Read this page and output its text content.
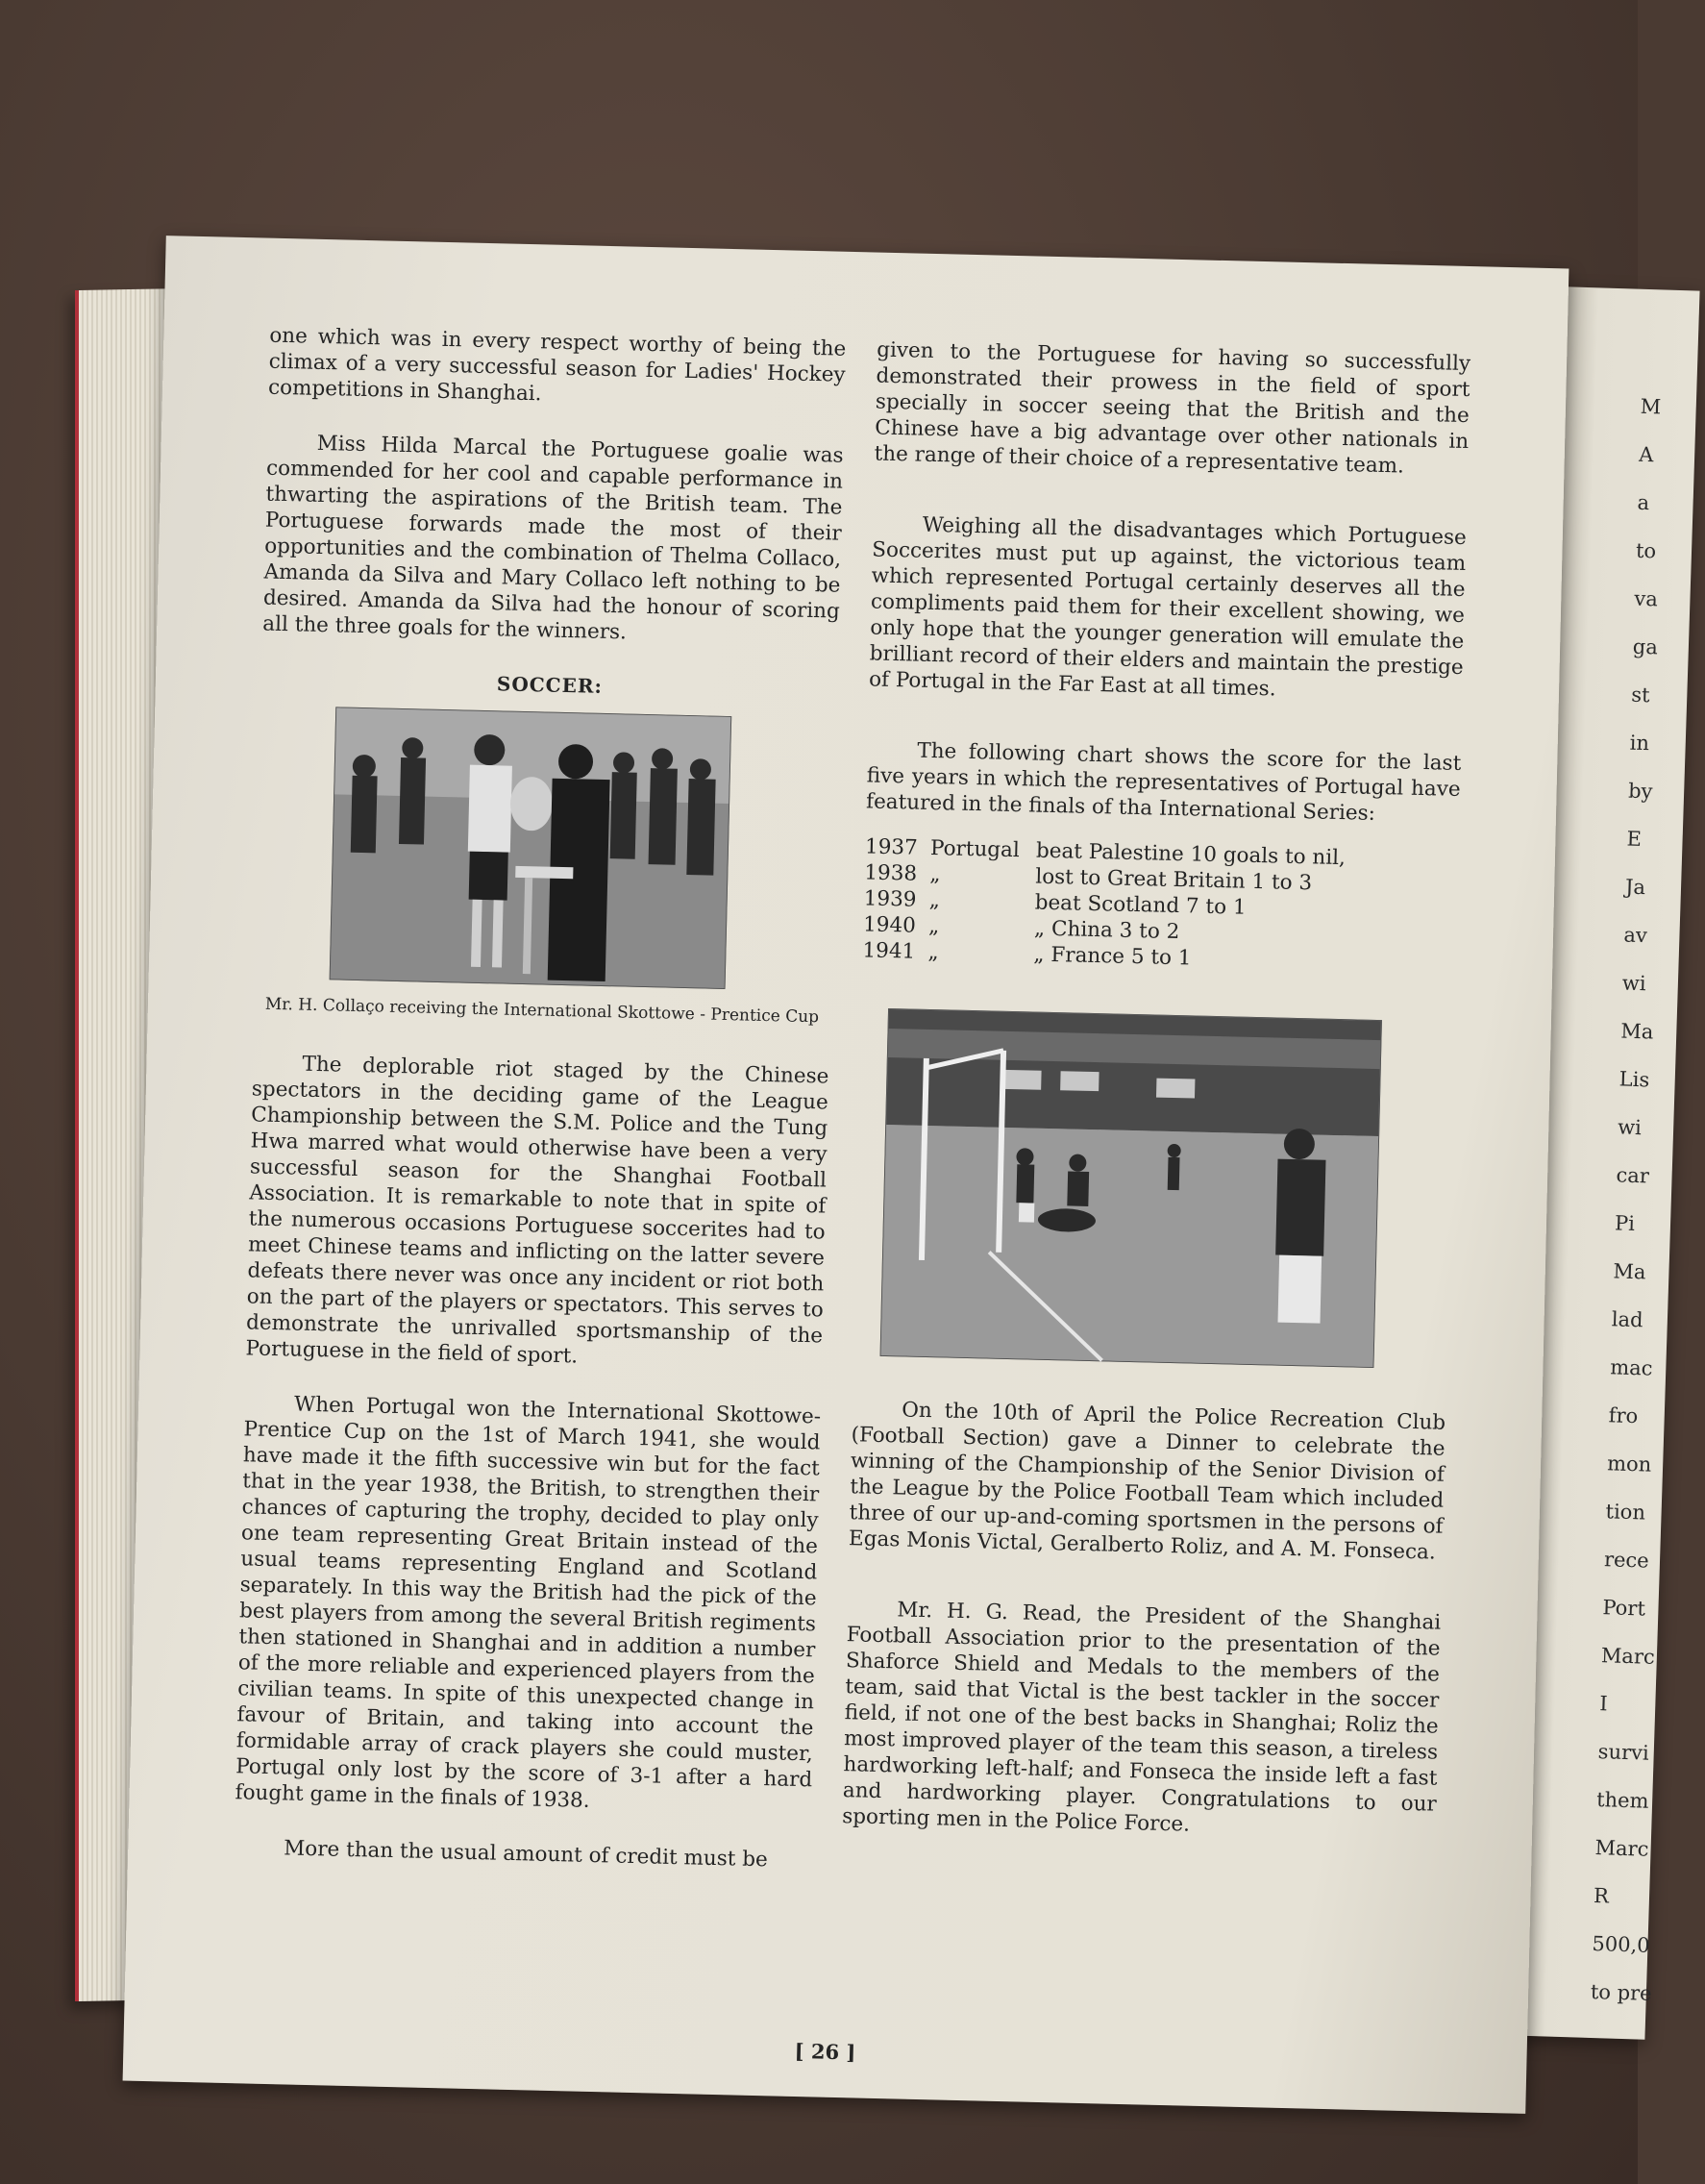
M
A
a
to
va
ga
st
in
by
E
Ja
av
wi
Ma
Lis
wi
car
Pi
Ma
lad
mac
fro
mon
tion
rece
Port
Marc
I
survi
them
Marc
R
500,0
to pre

one which was in every respect worthy of being the climax of a very successful season for Ladies' Hockey competitions in Shanghai.

Miss Hilda Marcal the Portuguese goalie was commended for her cool and capable performance in thwarting the aspirations of the British team. The Portuguese forwards made the most of their opportunities and the combination of Thelma Collaco, Amanda da Silva and Mary Collaco left nothing to be desired. Amanda da Silva had the honour of scoring all the three goals for the winners.

SOCCER:
Mr. H. Collaço receiving the International Skottowe - Prentice Cup

The deplorable riot staged by the Chinese spectators in the deciding game of the League Championship between the S.M. Police and the Tung Hwa marred what would otherwise have been a very successful season for the Shanghai Football Association. It is remarkable to note that in spite of the numerous occasions Portuguese soccerites had to meet Chinese teams and inflicting on the latter severe defeats there never was once any incident or riot both on the part of the players or spectators. This serves to demonstrate the unrivalled sportsmanship of the Portuguese in the field of sport.

When Portugal won the International Skottowe-Prentice Cup on the 1st of March 1941, she would have made it the fifth successive win but for the fact that in the year 1938, the British, to strengthen their chances of capturing the trophy, decided to play only one team representing Great Britain instead of the usual teams representing England and Scotland separately. In this way the British had the pick of the best players from among the several British regiments then stationed in Shanghai and in addition a number of the more reliable and experienced players from the civilian teams. In spite of this unexpected change in favour of Britain, and taking into account the formidable array of crack players she could muster, Portugal only lost by the score of 3-1 after a hard fought game in the finals of 1938.

More than the usual amount of credit must be

given to the Portuguese for having so successfully demonstrated their prowess in the field of sport specially in soccer seeing that the British and the Chinese have a big advantage over other nationals in the range of their choice of a representative team.

Weighing all the disadvantages which Portuguese Soccerites must put up against, the victorious team which represented Portugal certainly deserves all the compliments paid them for their excellent showing, we only hope that the younger generation will emulate the brilliant record of their elders and maintain the prestige of Portugal in the Far East at all times.

The following chart shows the score for the last five years in which the representatives of Portugal have featured in the finals of tha International Series:

1937	Portugal	beat Palestine 10 goals to nil,
1938	„	lost to Great Britain 1 to 3
1939	„	beat Scotland 7 to 1
1940	„	„ China 3 to 2
1941	„	„ France 5 to 1

On the 10th of April the Police Recreation Club (Football Section) gave a Dinner to celebrate the winning of the Championship of the Senior Division of the League by the Police Football Team which included three of our up-and-coming sportsmen in the persons of Egas Monis Victal, Geralberto Roliz, and A. M. Fonseca.

Mr. H. G. Read, the President of the Shanghai Football Association prior to the presentation of the Shaforce Shield and Medals to the members of the team, said that Victal is the best tackler in the soccer field, if not one of the best backs in Shanghai; Roliz the most improved player of the team this season, a tireless hardworking left-half; and Fonseca the inside left a fast and hardworking player. Congratulations to our sporting men in the Police Force.

[ 26 ]
